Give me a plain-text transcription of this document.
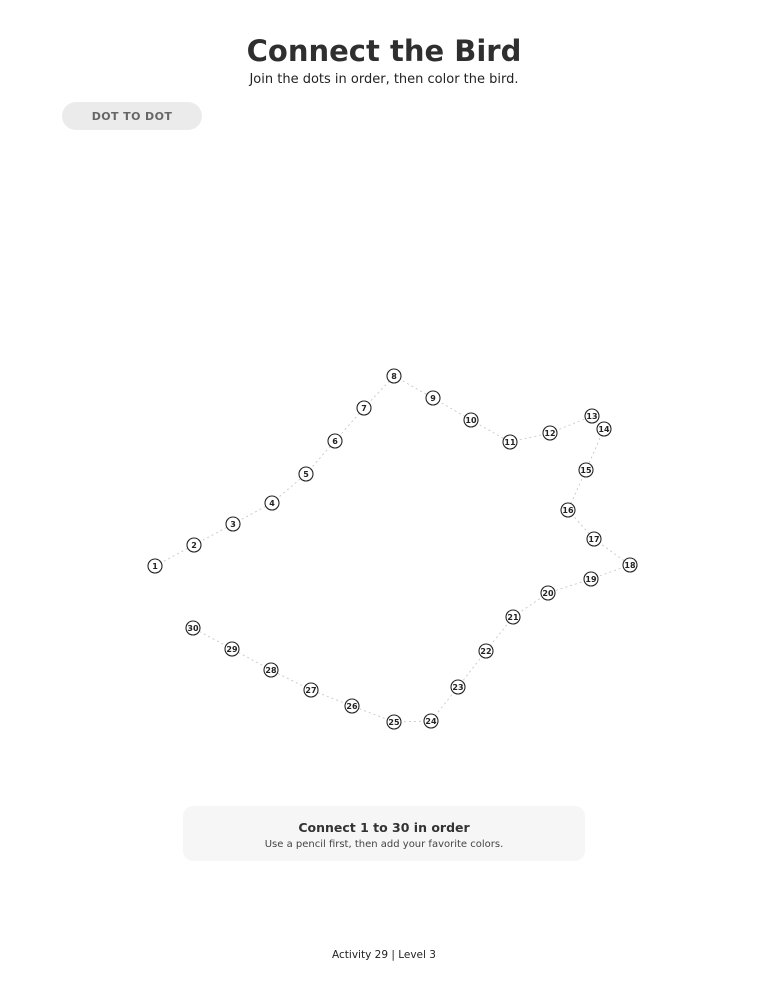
Connect the Bird
Join the dots in order, then color the bird.
DOT TO DOT
1
2
3
4
5
6
7
8
9
10
11
12
13
14
15
16
17
18
19
20
21
22
23
24
25
26
27
28
29
30
Connect 1 to 30 in order
Use a pencil first, then add your favorite colors.
Activity 29 | Level 3
